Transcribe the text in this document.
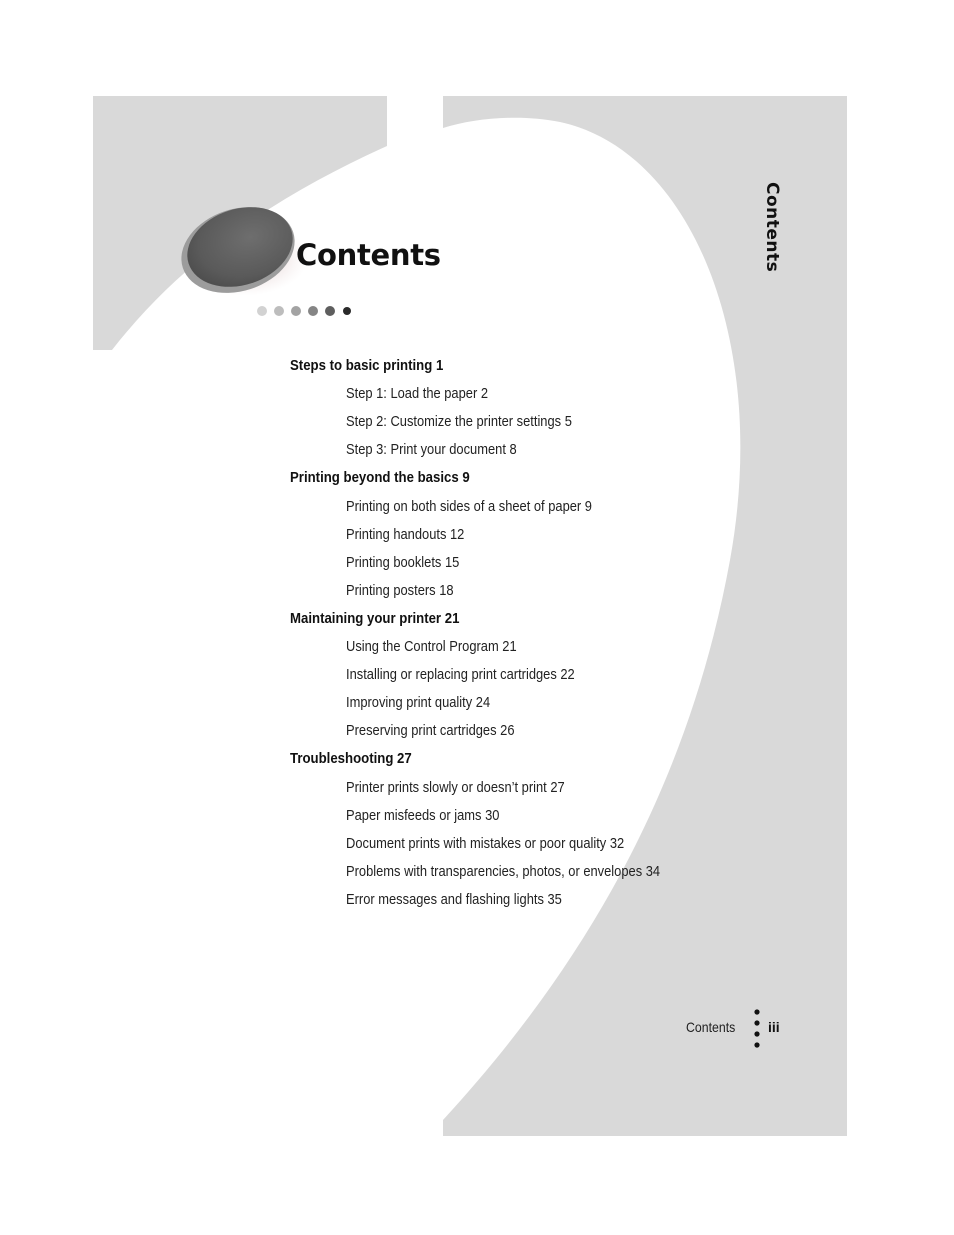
Contents	Contents
Steps to basic printing 1
Step 1: Load the paper 2
Step 2: Customize the printer settings 5
Step 3: Print your document 8
Printing beyond the basics 9
Printing on both sides of a sheet of paper 9
Printing handouts 12
Printing booklets 15
Printing posters 18
Maintaining your printer 21
Using the Control Program 21
Installing or replacing print cartridges 22
Improving print quality 24
Preserving print cartridges 26
Troubleshooting 27
Printer prints slowly or doesn’t print 27
Paper misfeeds or jams 30
Document prints with mistakes or poor quality 32
Problems with transparencies, photos, or envelopes 34
Error messages and flashing lights 35
Contents iii
